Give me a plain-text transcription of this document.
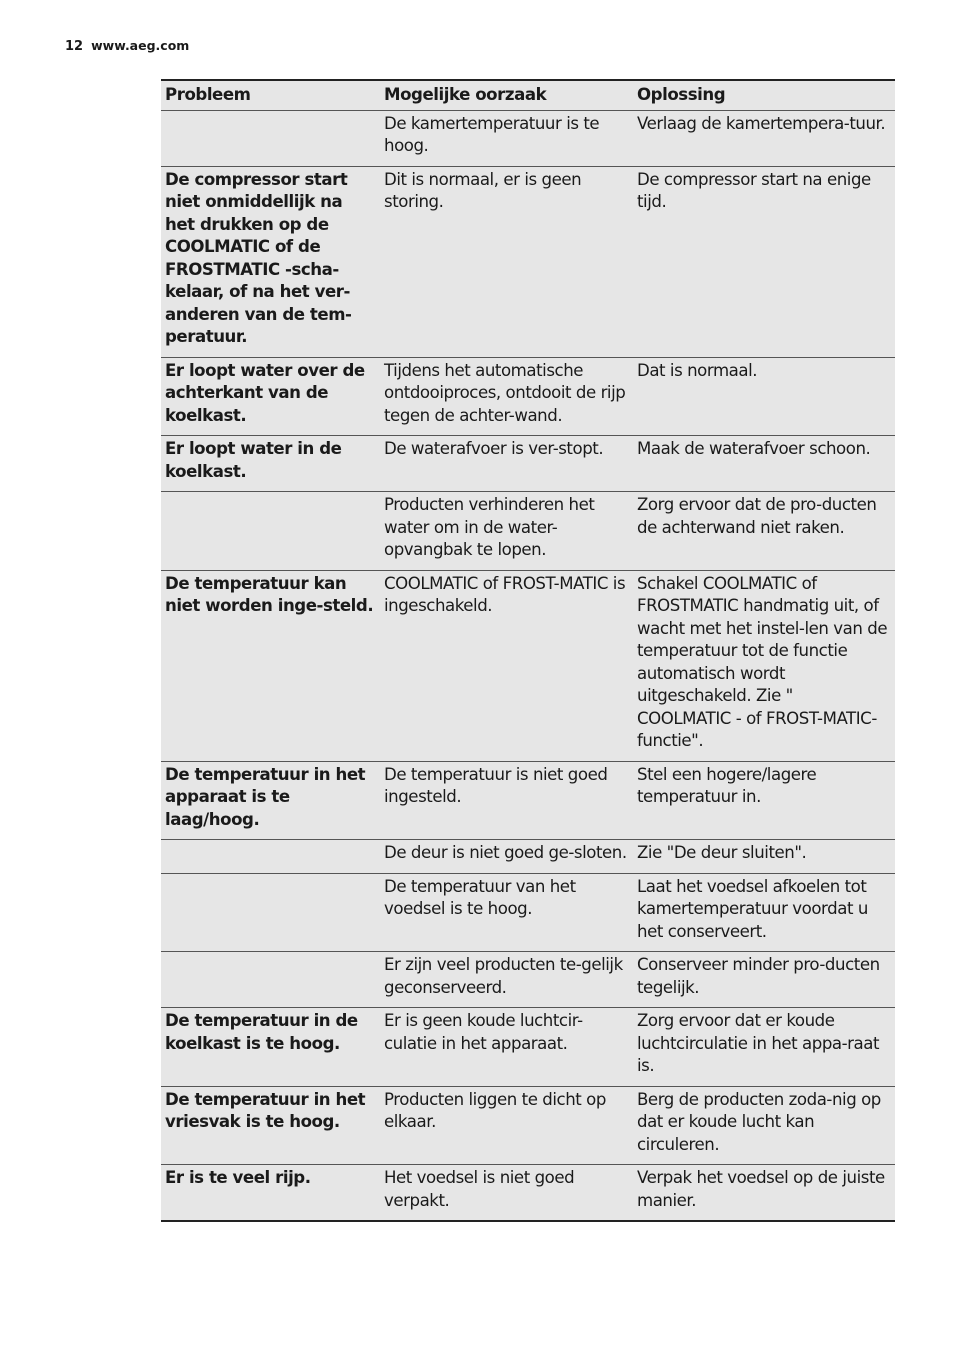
12 www.aeg.com
Probleem	Mogelijke oorzaak	Oplossing
	De kamertemperatuur is te hoog.	Verlaag de kamertempera-tuur.
De compressor start niet onmiddellijk na het drukken op de COOLMATIC of de FROSTMATIC -scha-kelaar, of na het ver-anderen van de tem-peratuur.	Dit is normaal, er is geen storing.	De compressor start na enige tijd.
Er loopt water over de achterkant van de koelkast.	Tijdens het automatische ontdooiproces, ontdooit de rijp tegen de achter-wand.	Dat is normaal.
Er loopt water in de koelkast.	De waterafvoer is ver-stopt.	Maak de waterafvoer schoon.
	Producten verhinderen het water om in de water-opvangbak te lopen.	Zorg ervoor dat de pro-ducten de achterwand niet raken.
De temperatuur kan niet worden inge-steld.	COOLMATIC of FROST-MATIC is ingeschakeld.	Schakel COOLMATIC of FROSTMATIC handmatig uit, of wacht met het instel-len van de temperatuur tot de functie automatisch wordt uitgeschakeld. Zie " COOLMATIC - of FROST-MATIC-functie".
De temperatuur in het apparaat is te laag/hoog.	De temperatuur is niet goed ingesteld.	Stel een hogere/lagere temperatuur in.
	De deur is niet goed ge-sloten.	Zie "De deur sluiten".
	De temperatuur van het voedsel is te hoog.	Laat het voedsel afkoelen tot kamertemperatuur voordat u het conserveert.
	Er zijn veel producten te-gelijk geconserveerd.	Conserveer minder pro-ducten tegelijk.
De temperatuur in de koelkast is te hoog.	Er is geen koude luchtcir-culatie in het apparaat.	Zorg ervoor dat er koude luchtcirculatie in het appa-raat is.
De temperatuur in het vriesvak is te hoog.	Producten liggen te dicht op elkaar.	Berg de producten zoda-nig op dat er koude lucht kan circuleren.
Er is te veel rijp.	Het voedsel is niet goed verpakt.	Verpak het voedsel op de juiste manier.
